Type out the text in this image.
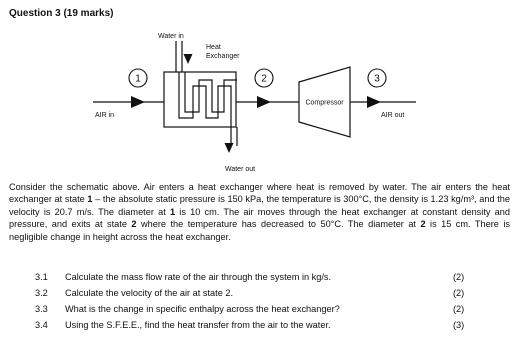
Question 3 (19 marks)
Water in
Heat
Exchanger
1	2	3
Compressor
AIR in	AIR out
Water out

Consider the schematic above. Air enters a heat exchanger where heat is removed by water. The air enters the heat exchanger at state 1 – the absolute static pressure is 150 kPa, the temperature is 300°C, the density is 1.23 kg/m³, and the velocity is 20.7 m/s. The diameter at 1 is 10 cm. The air moves through the heat exchanger at constant density and pressure, and exits at state 2 where the temperature has decreased to 50°C. The diameter at 2 is 15 cm. There is negligible change in height across the heat exchanger.

3.1 Calculate the mass flow rate of the air through the system in kg/s.	(2)
3.2 Calculate the velocity of the air at state 2.	(2)
3.3 What is the change in specific enthalpy across the heat exchanger?	(2)
3.4 Using the S.F.E.E., find the heat transfer from the air to the water.	(3)
